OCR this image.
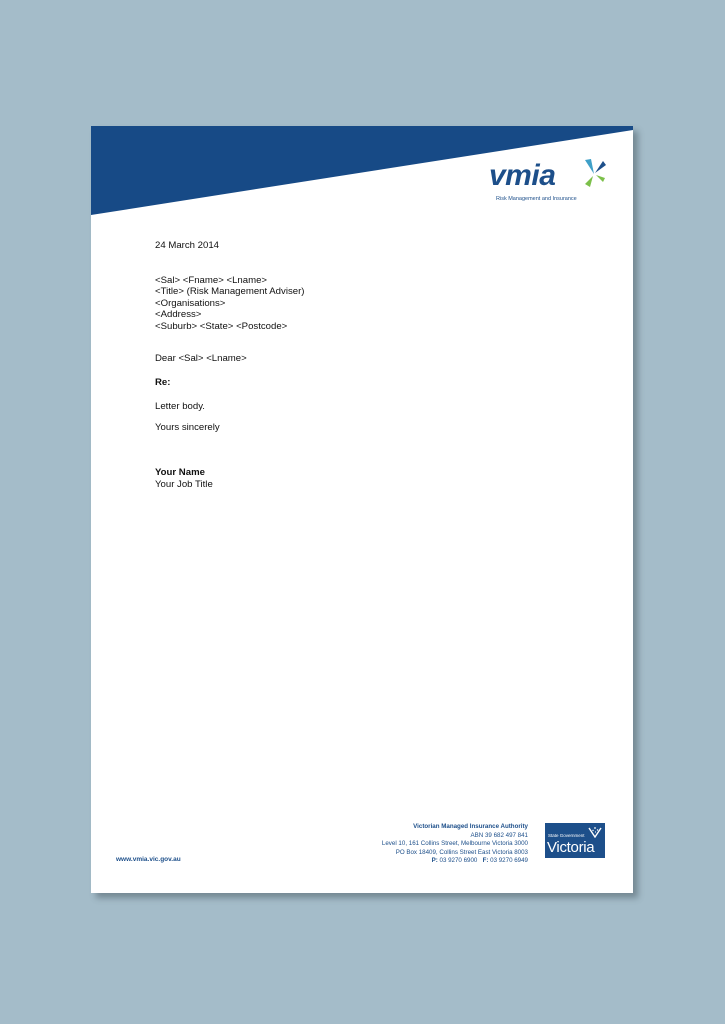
vmia
Risk Management and Insurance
24 March 2014
<Sal> <Fname> <Lname>
<Title> (Risk Management Adviser)
<Organisations>
<Address>
<Suburb> <State> <Postcode>
Dear <Sal> <Lname>
Re:
Letter body.
Yours sincerely
Your Name
Your Job Title
www.vmia.vic.gov.au
Victorian Managed Insurance Authority
ABN 39 682 497 841
Level 10, 161 Collins Street, Melbourne Victoria 3000
PO Box 18409, Collins Street East Victoria 8003
P: 03 9270 6900 F: 03 9270 6949
State Government
Victoria
